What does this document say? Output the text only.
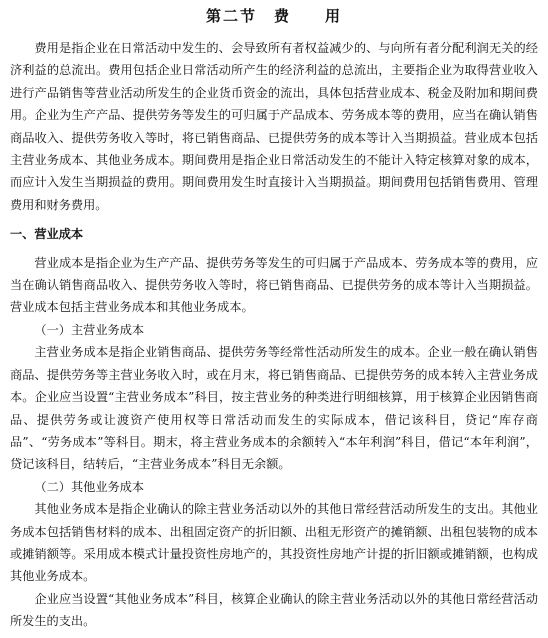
第二节　费　　用

费用是指企业在日常活动中发生的、会导致所有者权益减少的、与向所有者分配利润无关的经济利益的总流出。费用包括企业日常活动所产生的经济利益的总流出，主要指企业为取得营业收入进行产品销售等营业活动所发生的企业货币资金的流出，具体包括营业成本、税金及附加和期间费用。企业为生产产品、提供劳务等发生的可归属于产品成本、劳务成本等的费用，应当在确认销售商品收入、提供劳务收入等时，将已销售商品、已提供劳务的成本等计入当期损益。营业成本包括主营业务成本、其他业务成本。期间费用是指企业日常活动发生的不能计入特定核算对象的成本，而应计入发生当期损益的费用。期间费用发生时直接计入当期损益。期间费用包括销售费用、管理费用和财务费用。

一、营业成本

营业成本是指企业为生产产品、提供劳务等发生的可归属于产品成本、劳务成本等的费用，应当在确认销售商品收入、提供劳务收入等时，将已销售商品、已提供劳务的成本等计入当期损益。营业成本包括主营业务成本和其他业务成本。

（一）主营业务成本

主营业务成本是指企业销售商品、提供劳务等经常性活动所发生的成本。企业一般在确认销售商品、提供劳务等主营业务收入时，或在月末，将已销售商品、已提供劳务的成本转入主营业务成本。企业应当设置“主营业务成本”科目，按主营业务的种类进行明细核算，用于核算企业因销售商品、提供劳务或让渡资产使用权等日常活动而发生的实际成本，借记该科目，贷记“库存商品”、“劳务成本”等科目。期末，将主营业务成本的余额转入“本年利润”科目，借记“本年利润”，贷记该科目，结转后，“主营业务成本”科目无余额。

（二）其他业务成本

其他业务成本是指企业确认的除主营业务活动以外的其他日常经营活动所发生的支出。其他业务成本包括销售材料的成本、出租固定资产的折旧额、出租无形资产的摊销额、出租包装物的成本或摊销额等。采用成本模式计量投资性房地产的，其投资性房地产计提的折旧额或摊销额，也构成其他业务成本。

企业应当设置“其他业务成本”科目，核算企业确认的除主营业务活动以外的其他日常经营活动所发生的支出。
